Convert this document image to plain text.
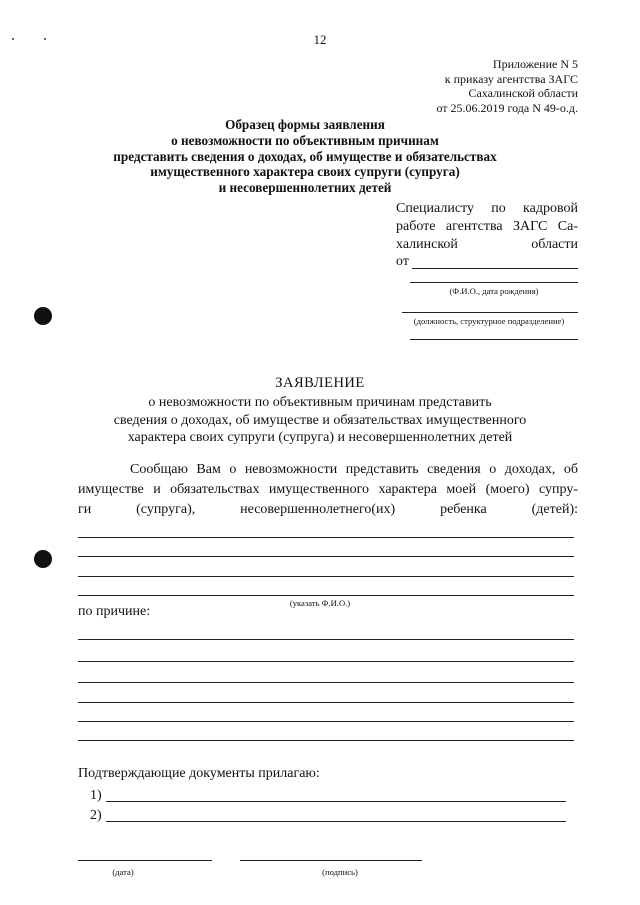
12
Приложение N 5
к приказу агентства ЗАГС
Сахалинской области
от 25.06.2019 года N 49-о.д.
Образец формы заявления
о невозможности по объективным причинам
представить сведения о доходах, об имуществе и обязательствах
имущественного характера своих супруги (супруга)
и несовершеннолетних детей
Специалисту по кадровой
работе агентства ЗАГС Са-
халинской области
от
(Ф.И.О., дата рождения)
(должность, структурное подразделение)
ЗАЯВЛЕНИЕ
о невозможности по объективным причинам представить
сведения о доходах, об имуществе и обязательствах имущественного
характера своих супруги (супруга) и несовершеннолетних детей
Сообщаю Вам о невозможности представить сведения о доходах, об
имуществе и обязательствах имущественного характера моей (моего) супру-
ги (супруга), несовершеннолетнего(их) ребенка (детей):
(указать Ф.И.О.)
по причине:
Подтверждающие документы прилагаю:
1)
2)
(дата)	(подпись)
